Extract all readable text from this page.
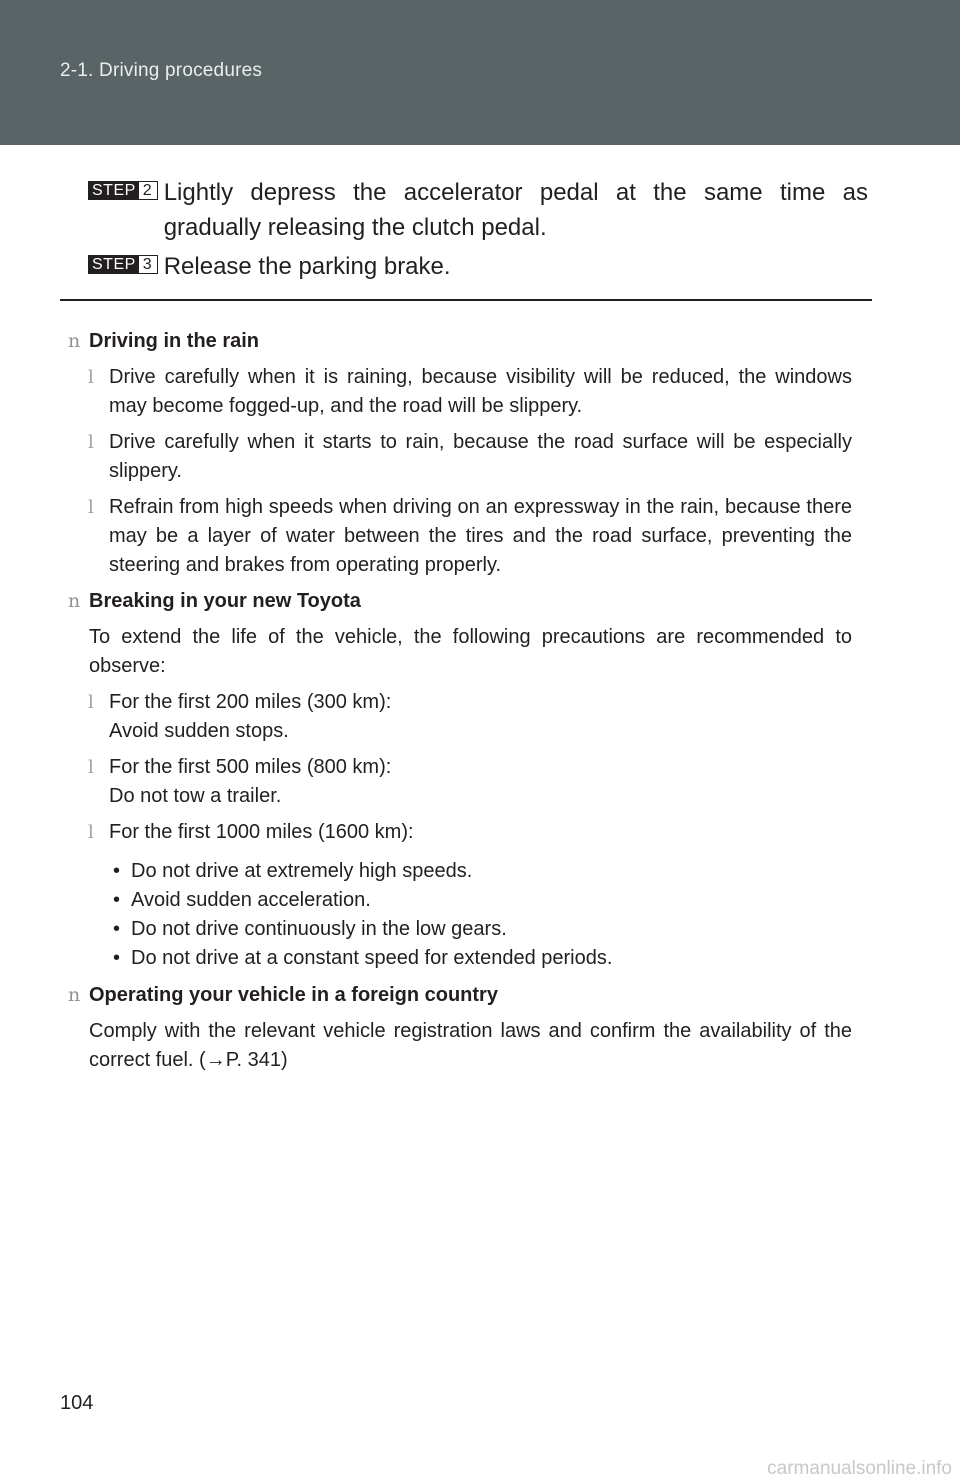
2-1. Driving procedures
STEP 2 Lightly depress the accelerator pedal at the same time as gradually releasing the clutch pedal.
STEP 3 Release the parking brake.
n Driving in the rain
l Drive carefully when it is raining, because visibility will be reduced, the windows may become fogged-up, and the road will be slippery.
l Drive carefully when it starts to rain, because the road surface will be especially slippery.
l Refrain from high speeds when driving on an expressway in the rain, because there may be a layer of water between the tires and the road surface, preventing the steering and brakes from operating properly.
n Breaking in your new Toyota
To extend the life of the vehicle, the following precautions are recommended to observe:
l For the first 200 miles (300 km):
Avoid sudden stops.
l For the first 500 miles (800 km):
Do not tow a trailer.
l For the first 1000 miles (1600 km):
• Do not drive at extremely high speeds.
• Avoid sudden acceleration.
• Do not drive continuously in the low gears.
• Do not drive at a constant speed for extended periods.
n Operating your vehicle in a foreign country
Comply with the relevant vehicle registration laws and confirm the availability of the correct fuel. (→P. 341)
104
carmanualsonline.info
